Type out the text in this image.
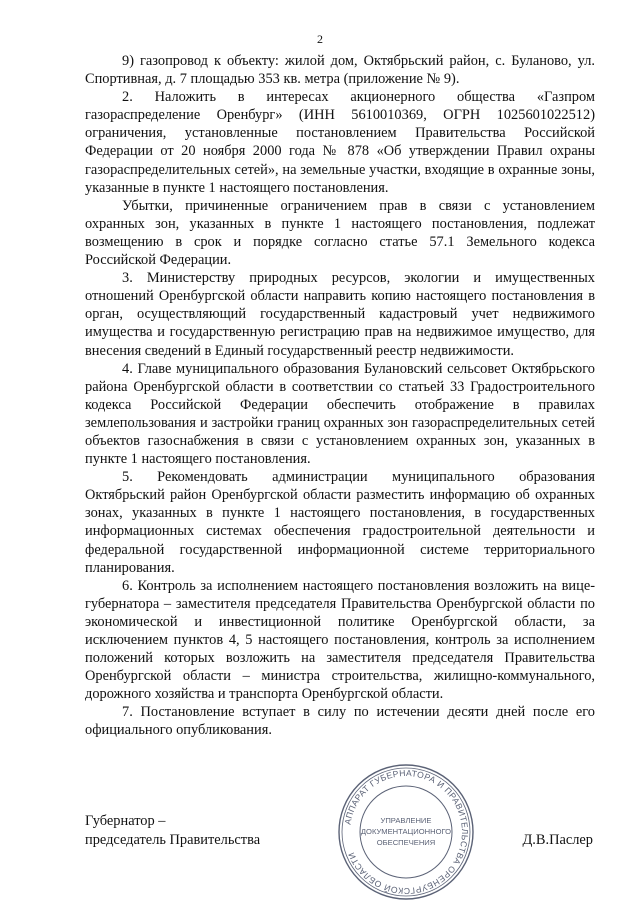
2

9) газопровод к объекту: жилой дом, Октябрьский район, с. Буланово, ул. Спортивная, д. 7 площадью 353 кв. метра (приложение № 9).

2. Наложить в интересах акционерного общества «Газпром газораспределение Оренбург» (ИНН 5610010369, ОГРН 1025601022512) ограничения, установленные постановлением Правительства Российской Федерации от 20 ноября 2000 года № 878 «Об утверждении Правил охраны газораспределительных сетей», на земельные участки, входящие в охранные зоны, указанные в пункте 1 настоящего постановления.

Убытки, причиненные ограничением прав в связи с установлением охранных зон, указанных в пункте 1 настоящего постановления, подлежат возмещению в срок и порядке согласно статье 57.1 Земельного кодекса Российской Федерации.

3. Министерству природных ресурсов, экологии и имущественных отношений Оренбургской области направить копию настоящего постановления в орган, осуществляющий государственный кадастровый учет недвижимого имущества и государственную регистрацию прав на недвижимое имущество, для внесения сведений в Единый государственный реестр недвижимости.

4. Главе муниципального образования Булановский сельсовет Октябрьского района Оренбургской области в соответствии со статьей 33 Градостроительного кодекса Российской Федерации обеспечить отображение в правилах землепользования и застройки границ охранных зон газораспределительных сетей объектов газоснабжения в связи с установлением охранных зон, указанных в пункте 1 настоящего постановления.

5. Рекомендовать администрации муниципального образования Октябрьский район Оренбургской области разместить информацию об охранных зонах, указанных в пункте 1 настоящего постановления, в государственных информационных системах обеспечения градостроительной деятельности и федеральной государственной информационной системе территориального планирования.

6. Контроль за исполнением настоящего постановления возложить на вице-губернатора – заместителя председателя Правительства Оренбургской области по экономической и инвестиционной политике Оренбургской области, за исключением пунктов 4, 5 настоящего постановления, контроль за исполнением положений которых возложить на заместителя председателя Правительства Оренбургской области – министра строительства, жилищно-коммунального, дорожного хозяйства и транспорта Оренбургской области.

7. Постановление вступает в силу по истечении десяти дней после его официального опубликования.

АППАРАТ ГУБЕРНАТОРА И ПРАВИТЕЛЬСТВА ОРЕНБУРГСКОЙ ОБЛАСТИ
УПРАВЛЕНИЕ
ДОКУМЕНТАЦИОННОГО
ОБЕСПЕЧЕНИЯ
Губернатор –
председатель Правительства	Д.В.Паслер
